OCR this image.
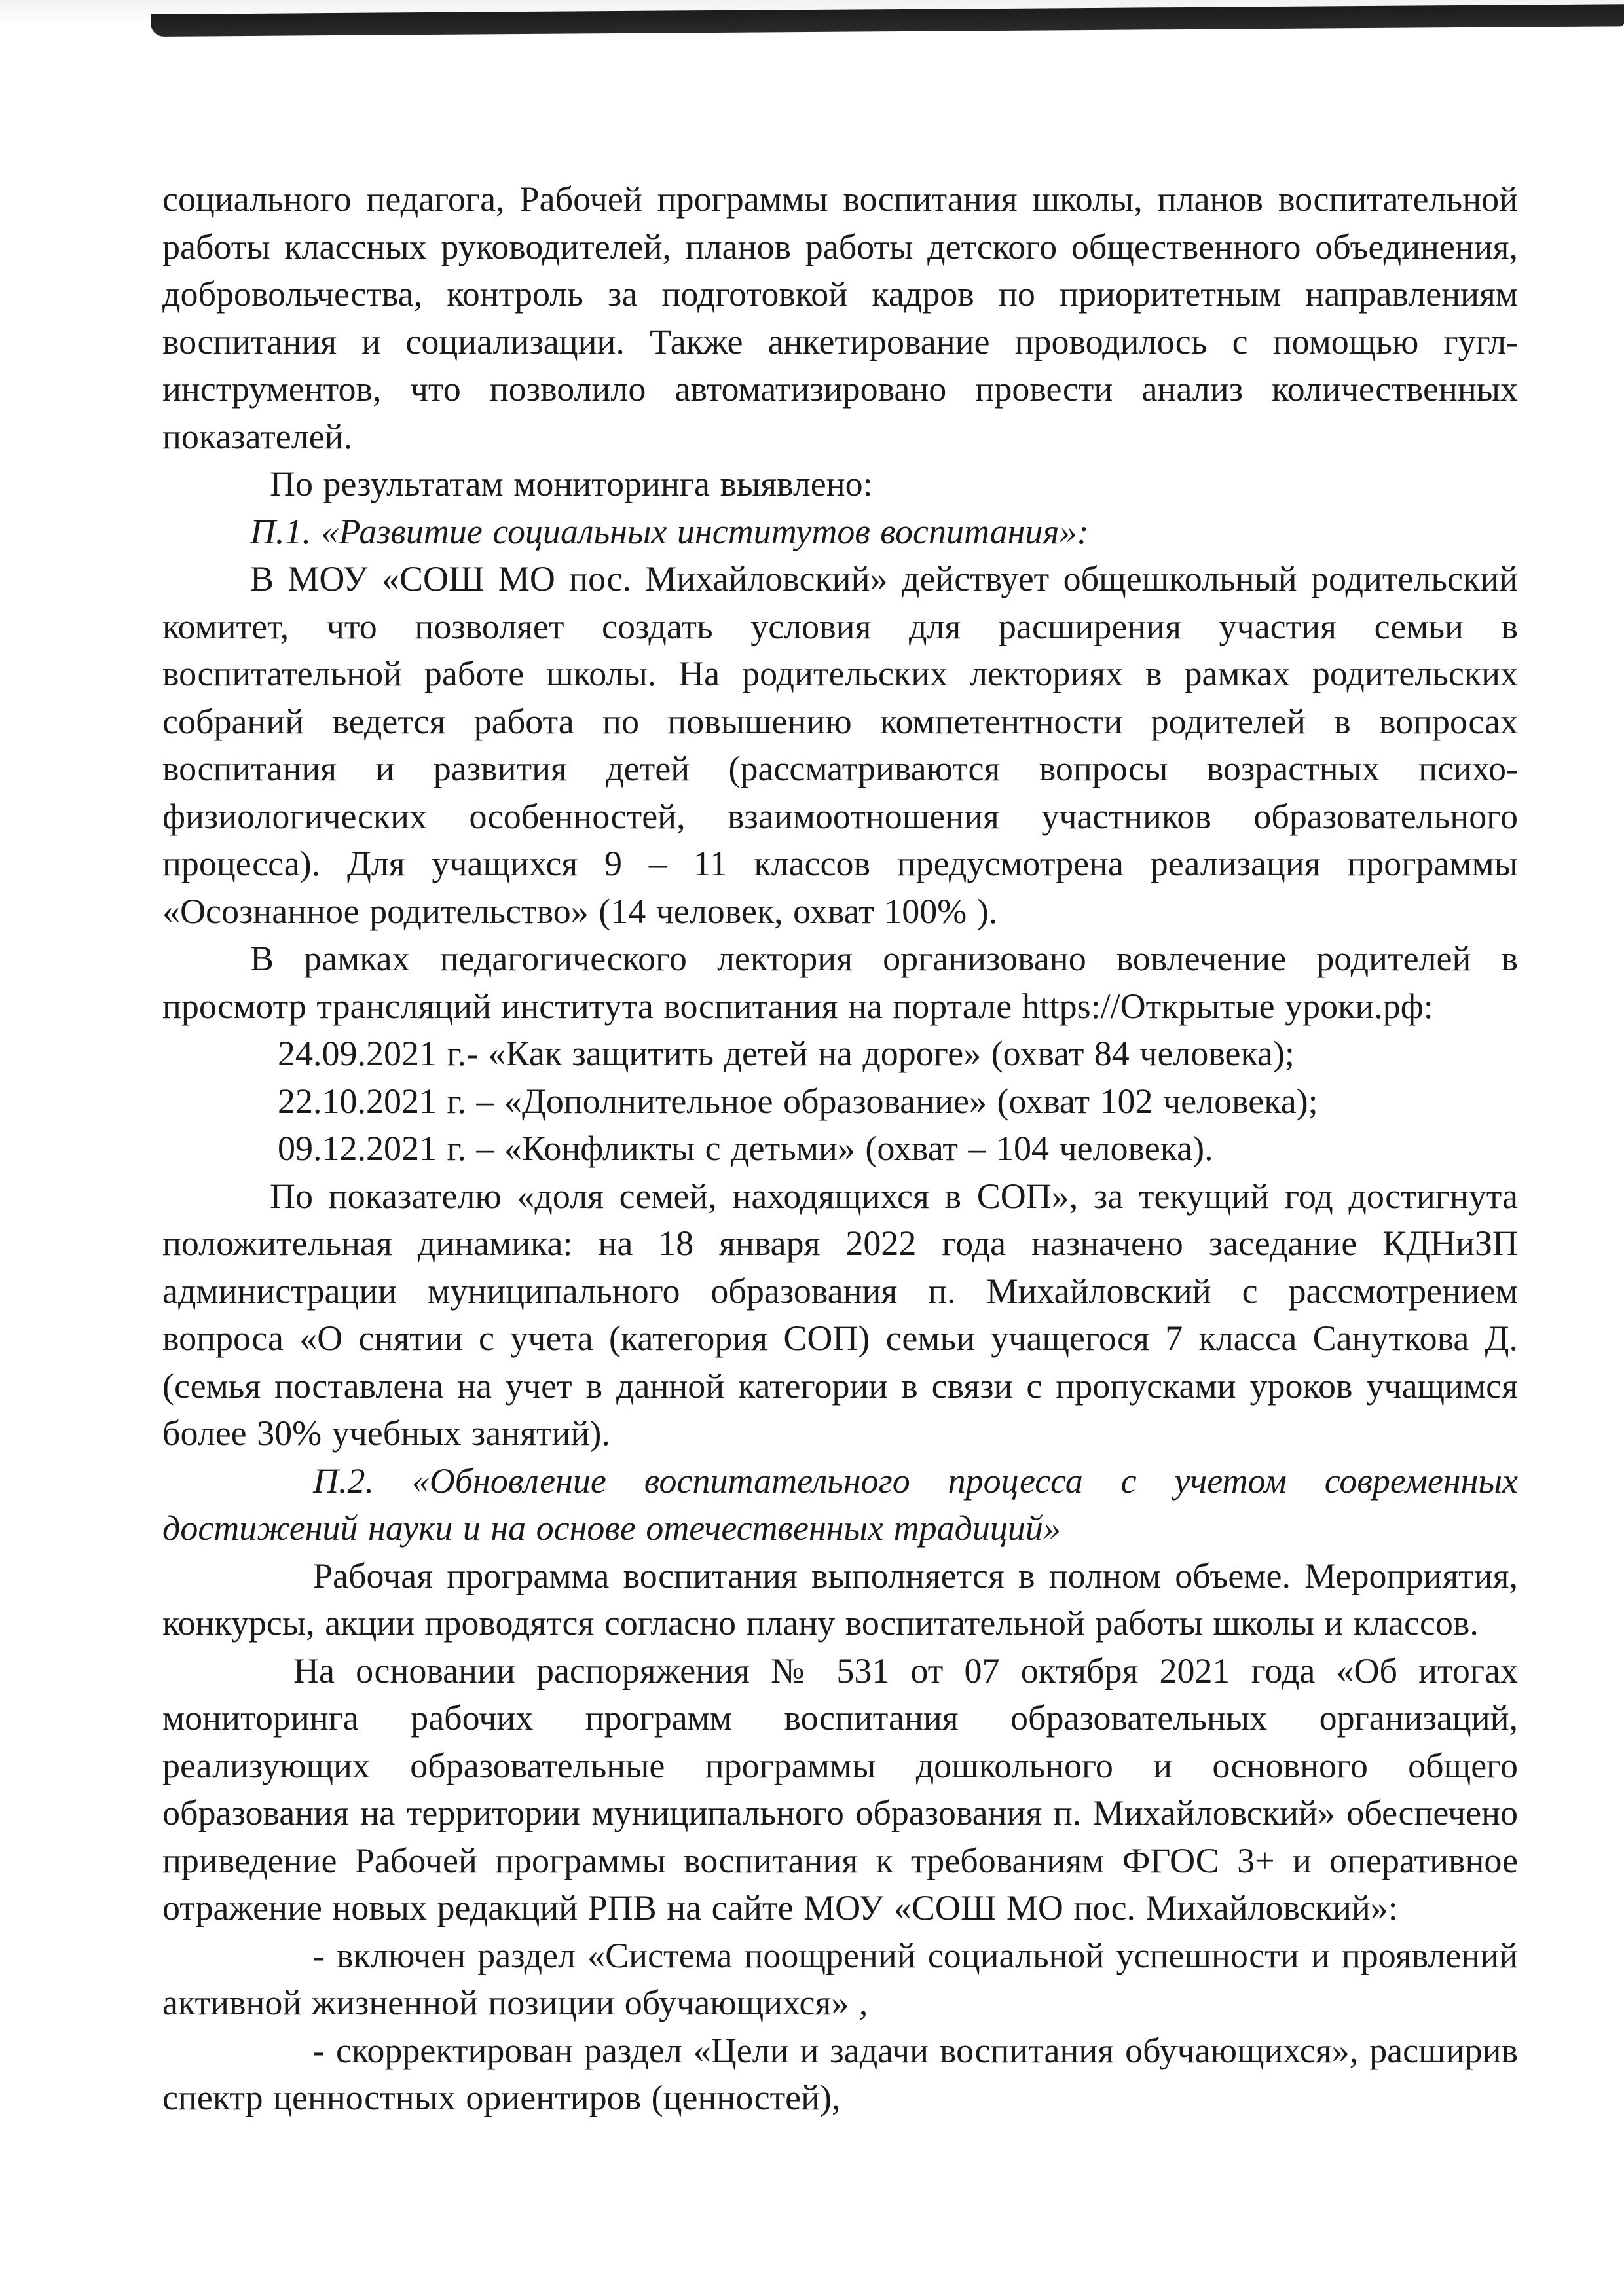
социального педагога, Рабочей программы воспитания школы, планов воспитательной работы классных руководителей, планов работы детского общественного объединения, добровольчества, контроль за подготовкой кадров по приоритетным направлениям воспитания и социализации. Также анкетирование проводилось с помощью гугл-инструментов, что позволило автоматизировано провести анализ количественных показателей.

По результатам мониторинга выявлено:

П.1. «Развитие социальных институтов воспитания»:

В МОУ «СОШ МО пос. Михайловский» действует общешкольный родительский комитет, что позволяет создать условия для расширения участия семьи в воспитательной работе школы. На родительских лекториях в рамках родительских собраний ведется работа по повышению компетентности родителей в вопросах воспитания и развития детей (рассматриваются вопросы возрастных психо-физиологических особенностей, взаимоотношения участников образовательного процесса). Для учащихся 9 – 11 классов предусмотрена реализация программы «Осознанное родительство» (14 человек, охват 100% ).

В рамках педагогического лектория организовано вовлечение родителей в просмотр трансляций института воспитания на портале https://Открытые уроки.рф:

24.09.2021 г.- «Как защитить детей на дороге» (охват 84 человека);

22.10.2021 г. – «Дополнительное образование» (охват 102 человека);

09.12.2021 г. – «Конфликты с детьми» (охват – 104 человека).

По показателю «доля семей, находящихся в СОП», за текущий год достигнута положительная динамика: на 18 января 2022 года назначено заседание КДНиЗП администрации муниципального образования п. Михайловский с рассмотрением вопроса «О снятии с учета (категория СОП) семьи учащегося 7 класса Сануткова Д. (семья поставлена на учет в данной категории в связи с пропусками уроков учащимся более 30% учебных занятий).

П.2. «Обновление воспитательного процесса с учетом современных достижений науки и на основе отечественных традиций»

Рабочая программа воспитания выполняется в полном объеме. Мероприятия, конкурсы, акции проводятся согласно плану воспитательной работы школы и классов.

На основании распоряжения № 531 от 07 октября 2021 года «Об итогах мониторинга рабочих программ воспитания образовательных организаций, реализующих образовательные программы дошкольного и основного общего образования на территории муниципального образования п. Михайловский» обеспечено приведение Рабочей программы воспитания к требованиям ФГОС 3+ и оперативное отражение новых редакций РПВ на сайте МОУ «СОШ МО пос. Михайловский»:

- включен раздел «Система поощрений социальной успешности и проявлений активной жизненной позиции обучающихся» ,

- скорректирован раздел «Цели и задачи воспитания обучающихся», расширив спектр ценностных ориентиров (ценностей),
